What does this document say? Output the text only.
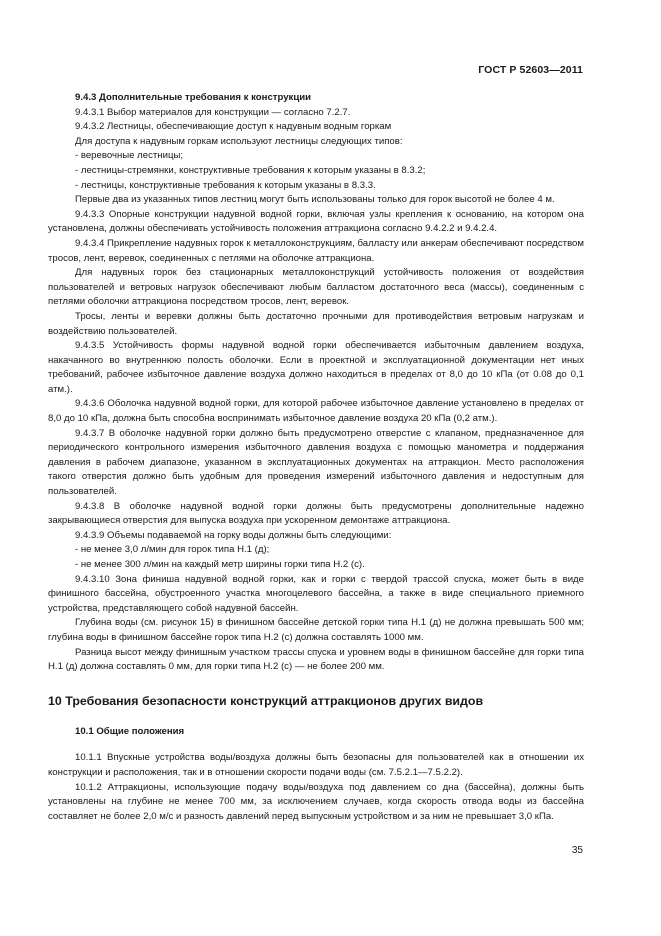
ГОСТ Р 52603—2011

9.4.3 Дополнительные требования к конструкции

9.4.3.1 Выбор материалов для конструкции — согласно 7.2.7.

9.4.3.2 Лестницы, обеспечивающие доступ к надувным водным горкам

Для доступа к надувным горкам используют лестницы следующих типов:

- веревочные лестницы;

- лестницы-стремянки, конструктивные требования к которым указаны в 8.3.2;

- лестницы, конструктивные требования к которым указаны в 8.3.3.

Первые два из указанных типов лестниц могут быть использованы только для горок высотой не более 4 м.

9.4.3.3 Опорные конструкции надувной водной горки, включая узлы крепления к основанию, на котором она установлена, должны обеспечивать устойчивость положения аттракциона согласно 9.4.2.2 и 9.4.2.4.

9.4.3.4 Прикрепление надувных горок к металлоконструкциям, балласту или анкерам обеспечивают посредством тросов, лент, веревок, соединенных с петлями на оболочке аттракциона.

Для надувных горок без стационарных металлоконструкций устойчивость положения от воздействия пользователей и ветровых нагрузок обеспечивают любым балластом достаточного веса (массы), соединенным с петлями оболочки аттракциона посредством тросов, лент, веревок.

Тросы, ленты и веревки должны быть достаточно прочными для противодействия ветровым нагрузкам и воздействию пользователей.

9.4.3.5 Устойчивость формы надувной водной горки обеспечивается избыточным давлением воздуха, накачанного во внутреннюю полость оболочки. Если в проектной и эксплуатационной документации нет иных требований, рабочее избыточное давление воздуха должно находиться в пределах от 8,0 до 10 кПа (от 0.08 до 0,1 атм.).

9.4.3.6 Оболочка надувной водной горки, для которой рабочее избыточное давление установлено в пределах от 8,0 до 10 кПа, должна быть способна воспринимать избыточное давление воздуха 20 кПа (0,2 атм.).

9.4.3.7 В оболочке надувной горки должно быть предусмотрено отверстие с клапаном, предназначенное для периодического контрольного измерения избыточного давления воздуха с помощью манометра и поддержания давления в рабочем диапазоне, указанном в эксплуатационных документах на аттракцион. Место расположения такого отверстия должно быть удобным для проведения измерений избыточного давления и недоступным для пользователей.

9.4.3.8 В оболочке надувной водной горки должны быть предусмотрены дополнительные надежно закрывающиеся отверстия для выпуска воздуха при ускоренном демонтаже аттракциона.

9.4.3.9 Объемы подаваемой на горку воды должны быть следующими:

- не менее 3,0 л/мин для горок типа Н.1 (д);

- не менее 300 л/мин на каждый метр ширины горки типа Н.2 (с).

9.4.3.10 Зона финиша надувной водной горки, как и горки с твердой трассой спуска, может быть в виде финишного бассейна, обустроенного участка многоцелевого бассейна, а также в виде специального приемного устройства, представляющего собой надувной бассейн.

Глубина воды (см. рисунок 15) в финишном бассейне детской горки типа Н.1 (д) не должна превышать 500 мм; глубина воды в финишном бассейне горок типа Н.2 (с) должна составлять 1000 мм.

Разница высот между финишным участком трассы спуска и уровнем воды в финишном бассейне для горки типа Н.1 (д) должна составлять 0 мм, для горки типа Н.2 (с) — не более 200 мм.

10 Требования безопасности конструкций аттракционов других видов

10.1 Общие положения

10.1.1 Впускные устройства воды/воздуха должны быть безопасны для пользователей как в отношении их конструкции и расположения, так и в отношении скорости подачи воды (см. 7.5.2.1—7.5.2.2).

10.1.2 Аттракционы, использующие подачу воды/воздуха под давлением со дна (бассейна), должны быть установлены на глубине не менее 700 мм, за исключением случаев, когда скорость отвода воды из бассейна составляет не более 2,0 м/с и разность давлений перед выпускным устройством и за ним не превышает 3,0 кПа.

35
